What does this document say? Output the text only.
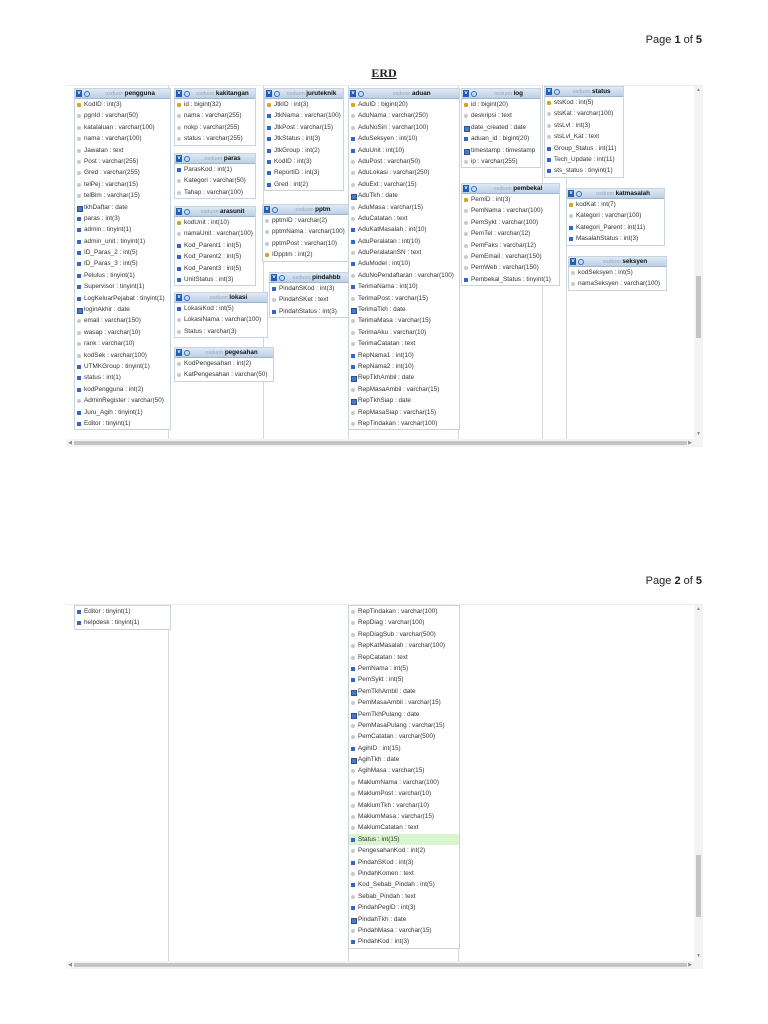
Page 1 of 5
ERD
v	osduon pengguna
KodID : int(3)
pgnId : varchar(50)
katalaluan : varchar(100)
nama : varchar(100)
Jawatan : text
Post : varchar(255)
Gred : varchar(255)
telPej : varchar(15)
telBim : varchar(15)
tkhDaftar : date
paras : int(3)
admin : tinyint(1)
admin_unit : tinyint(1)
ID_Paras_2 : int(5)
ID_Paras_3 : int(5)
Pelulus : tinyint(1)
Supervisor : tinyint(1)
LogKeluarPejabat : tinyint(1)
loginAkhir : date
email : varchar(150)
wasap : varchar(10)
rank : varchar(10)
kodSek : varchar(100)
UTMKGroup : tinyint(1)
status : int(1)
kodPengguna : int(2)
AdminRegister : varchar(50)
Juru_Agih : tinyint(1)
Editor : tinyint(1)
v	osduon kakitangan
id : bigint(32)
nama : varchar(255)
nokp : varchar(255)
status : varchar(255)
v	osduon paras
ParasKod : int(1)
Kategori : varchar(50)
Tahap : varchar(100)
v	osduon arasunit
kodUnit : int(10)
namaUnit : varchar(100)
Kod_Parent1 : int(5)
Kod_Parent2 : int(5)
Kod_Parent3 : int(5)
UnitStatus : int(3)
v	osduon lokasi
LokasiKod : int(5)
LokasiNama : varchar(100)
Status : varchar(3)
v	osduon pegesahan
KodPengesahan : int(2)
KatPengesahan : varchar(50)
v	osduon juruteknik
JtkID : int(3)
JtkNama : varchar(100)
JtkPost : varchar(15)
JtkStatus : int(3)
JtkGroup : int(2)
KodID : int(3)
ReportID : int(3)
Gred : int(2)
v	osduon pptm
pptmID : varchar(2)
pptmNama : varchar(100)
pptmPost : varchar(10)
IDpptm : int(2)
v	osduon pindahbb
PindahSKod : int(3)
PindahSKet : text
PindahStatus : int(3)
v	osduon aduan
AduID : bigint(20)
AduNama : varchar(250)
AduNoSiri : varchar(100)
AduSeksyen : int(10)
AduUnit : int(10)
AduPost : varchar(50)
AduLokasi : varchar(250)
AduExt : varchar(15)
AduTkh : date
AduMasa : varchar(15)
AduCatatan : text
AduKatMasalah : int(10)
AduPeralatan : int(10)
AduPeralatanSN : text
AduModel : int(10)
AduNoPendaftaran : varchar(100)
TerimaNama : int(10)
TerimaPost : varchar(15)
TerimaTkh : date
TerimaMasa : varchar(15)
TerimaAku : varchar(10)
TerimaCatatan : text
RepNama1 : int(10)
RepNama2 : int(10)
RepTkhAmbil : date
RepMasaAmbil : varchar(15)
RepTkhSiap : date
RepMasaSiap : varchar(15)
RepTindakan : varchar(100)
v	osduon log
id : bigint(20)
deskripsi : text
date_created : date
aduan_id : bigint(20)
timestamp : timestamp
ip : varchar(255)
v	osduon status
stsKod : int(5)
stsKat : varchar(100)
stsLvl : int(3)
stsLvl_Kat : text
Group_Status : int(11)
Tech_Update : int(11)
sts_status : tinyint(1)
v	osduon pembekal
PemID : int(3)
PemNama : varchar(100)
PemSykt : varchar(100)
PemTel : varchar(12)
PemFaks : varchar(12)
PemEmail : varchar(150)
PemWeb : varchar(150)
Pembekal_Status : tinyint(1)
v	osduon katmasalah
kodKat : int(7)
Kategori : varchar(100)
Kategori_Parent : int(11)
MasalahStatus : int(3)
v	osduon seksyen
kodSeksyen : int(5)
namaSeksyen : varchar(100)
▲
▼
◀	▶
Page 2 of 5
Editor : tinyint(1)
helpdesk : tinyint(1)
RepTindakan : varchar(100)
RepDiag : varchar(100)
RepDiagSub : varchar(500)
RepKatMasalah : varchar(100)
RepCatatan : text
PemNama : int(5)
PemSykt : int(5)
PemTkhAmbil : date
PemMasaAmbil : varchar(15)
PemTkhPulang : date
PemMasaPulang : varchar(15)
PemCatatan : varchar(500)
AgihID : int(15)
AgihTkh : date
AgihMasa : varchar(15)
MaklumNama : varchar(100)
MaklumPost : varchar(10)
MaklumTkh : varchar(10)
MaklumMasa : varchar(15)
MaklumCatatan : text
Status : int(15)
PengesahanKod : int(2)
PindahSKod : int(3)
PindahKomen : text
Kod_Sebab_Pindah : int(5)
Sebab_Pindah : text
PindahPegID : int(3)
PindahTkh : date
PindahMasa : varchar(15)
PindahKod : int(3)
▲
▼
◀	▶
